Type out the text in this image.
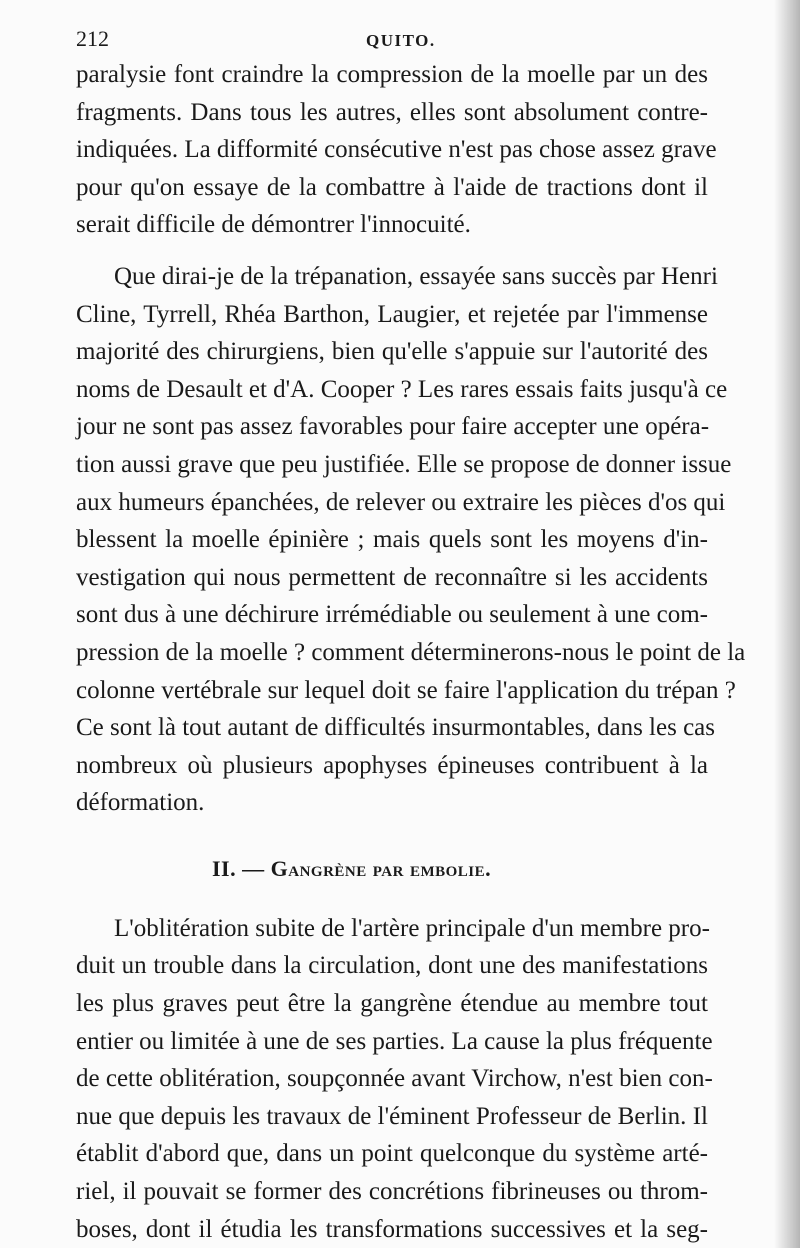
212	QUITO.

paralysie font craindre la compression de la moelle par un des
fragments. Dans tous les autres, elles sont absolument contre-
indiquées. La difformité consécutive n'est pas chose assez grave
pour qu'on essaye de la combattre à l'aide de tractions dont il
serait difficile de démontrer l'innocuité.

Que dirai-je de la trépanation, essayée sans succès par Henri
Cline, Tyrrell, Rhéa Barthon, Laugier, et rejetée par l'immense
majorité des chirurgiens, bien qu'elle s'appuie sur l'autorité des
noms de Desault et d'A. Cooper ? Les rares essais faits jusqu'à ce
jour ne sont pas assez favorables pour faire accepter une opéra-
tion aussi grave que peu justifiée. Elle se propose de donner issue
aux humeurs épanchées, de relever ou extraire les pièces d'os qui
blessent la moelle épinière ; mais quels sont les moyens d'in-
vestigation qui nous permettent de reconnaître si les accidents
sont dus à une déchirure irrémédiable ou seulement à une com-
pression de la moelle ? comment déterminerons-nous le point de la
colonne vertébrale sur lequel doit se faire l'application du trépan ?
Ce sont là tout autant de difficultés insurmontables, dans les cas
nombreux où plusieurs apophyses épineuses contribuent à la
déformation.

II. — Gangrène par embolie.

L'oblitération subite de l'artère principale d'un membre pro-
duit un trouble dans la circulation, dont une des manifestations
les plus graves peut être la gangrène étendue au membre tout
entier ou limitée à une de ses parties. La cause la plus fréquente
de cette oblitération, soupçonnée avant Virchow, n'est bien con-
nue que depuis les travaux de l'éminent Professeur de Berlin. Il
établit d'abord que, dans un point quelconque du système arté-
riel, il pouvait se former des concrétions fibrineuses ou throm-
boses, dont il étudia les transformations successives et la seg-
